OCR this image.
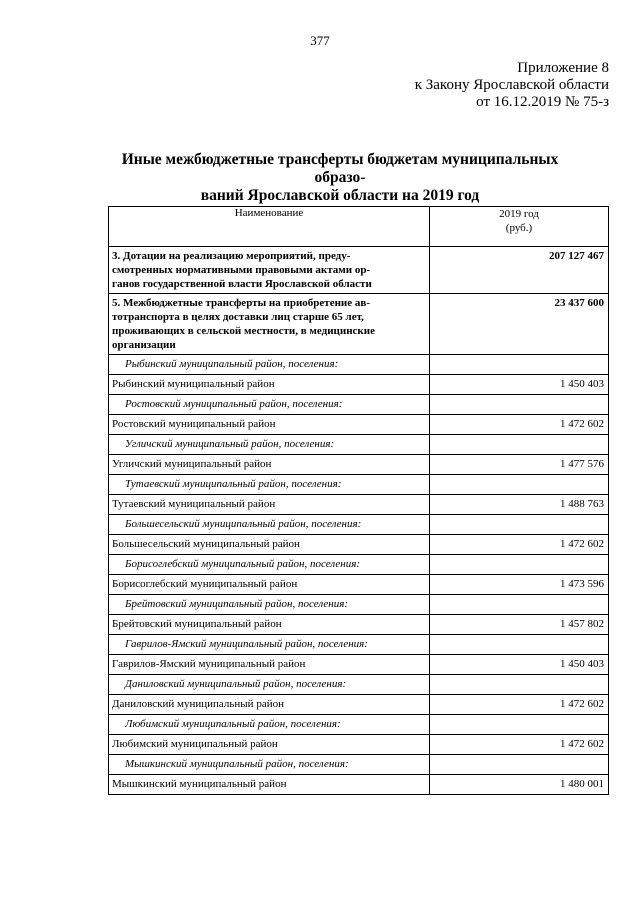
377
Приложение 8
к Закону Ярославской области
от 16.12.2019 № 75-з
Иные межбюджетные трансферты бюджетам муниципальных образо-
ваний Ярославской области на 2019 год
Наименование	2019 год
(руб.)

3. Дотации на реализацию мероприятий, преду-
смотренных нормативными правовыми актами ор-
ганов государственной власти Ярославской области	207 127 467

5. Межбюджетные трансферты на приобретение ав-
тотранспорта в целях доставки лиц старше 65 лет,
проживающих в сельской местности, в медицинские
организации	23 437 600
Рыбинский муниципальный район, поселения:	
Рыбинский муниципальный район	1 450 403
Ростовский муниципальный район, поселения:	
Ростовский муниципальный район	1 472 602
Угличский муниципальный район, поселения:	
Угличский муниципальный район	1 477 576
Тутаевский муниципальный район, поселения:	
Тутаевский муниципальный район	1 488 763
Большесельский муниципальный район, поселения:	
Большесельский муниципальный район	1 472 602
Борисоглебский муниципальный район, поселения:	
Борисоглебский муниципальный район	1 473 596
Брейтовский муниципальный район, поселения:	
Брейтовский муниципальный район	1 457 802
Гаврилов-Ямский муниципальный район, поселения:	
Гаврилов-Ямский муниципальный район	1 450 403
Даниловский муниципальный район, поселения:	
Даниловский муниципальный район	1 472 602
Любимский муниципальный район, поселения:	
Любимский муниципальный район	1 472 602
Мышкинский муниципальный район, поселения:	
Мышкинский муниципальный район	1 480 001
